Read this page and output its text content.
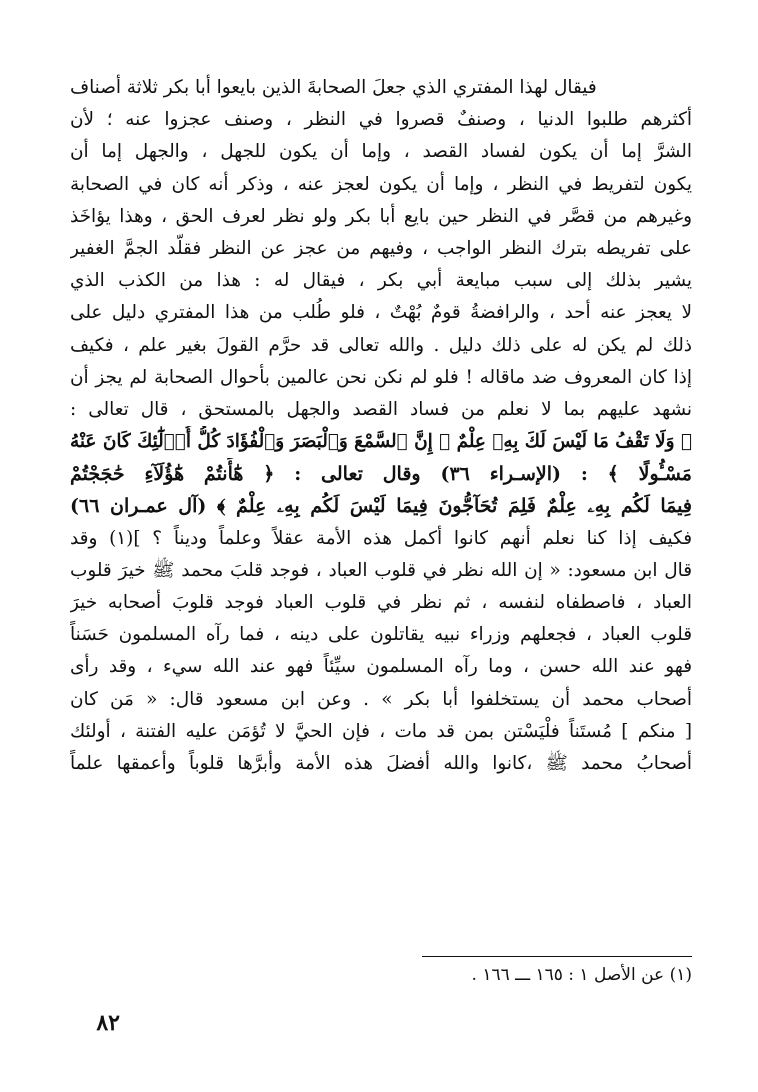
فيقال لهذا المفتري الذي جعلَ الصحابةَ الذين بايعوا أبا بكر ثلاثة أصناف
أكثرهم طلبوا الدنيا ، وصنفٌ قصروا في النظر ، وصنف عجزوا عنه ؛ لأن
الشرَّ إما أن يكون لفساد القصد ، وإما أن يكون للجهل ، والجهل إما أن
يكون لتفريط في النظر ، وإما أن يكون لعجز عنه ، وذكر أنه كان في الصحابة
وغيرهم من قصَّر في النظر حين بايع أبا بكر ولو نظر لعرف الحق ، وهذا يؤاخَذ
على تفريطه بترك النظر الواجب ، وفيهم من عجز عن النظر فقلّد الجمَّ الغفير
يشير بذلك إلى سبب مبايعة أبي بكر ، فيقال له : هذا من الكذب الذي
لا يعجز عنه أحد ، والرافضةُ قومٌ بُهْتٌ ، فلو طُلب من هذا المفتري دليل على
ذلك لم يكن له على ذلك دليل . والله تعالى قد حرَّم القولَ بغير علم ، فكيف
إذا كان المعروف ضد ماقاله ! فلو لم نكن نحن عالمين بأحوال الصحابة لم يجز أن
نشهد عليهم بما لا نعلم من فساد القصد والجهل بالمستحق ، قال تعالى :
﴿ وَلَا تَقْفُ مَا لَيْسَ لَكَ بِهِۦ عِلْمٌ ۚ إِنَّ ٱلسَّمْعَ وَٱلْبَصَرَ وَٱلْفُؤَادَ كُلُّ أُو۟لَٰٓئِكَ كَانَ عَنْهُ
مَسْـُٔولًا ﴾ : (الإسـراء ٣٦) وقال تعالى : ﴿ هَٰٓأَنتُمْ هَٰٓؤُلَآءِ حَٰجَجْتُمْ
فِيمَا لَكُم بِهِۦ عِلْمٌ فَلِمَ تُحَآجُّونَ فِيمَا لَيْسَ لَكُم بِهِۦ عِلْمٌ ﴾ (آل عمـران ٦٦)
فكيف إذا كنا نعلم أنهم كانوا أكمل هذه الأمة عقلاً وعلماً وديناً ؟ ](١) وقد
قال ابن مسعود: « إن الله نظر في قلوب العباد ، فوجد قلبَ محمد ﷺ خيرَ قلوب
العباد ، فاصطفاه لنفسه ، ثم نظر في قلوب العباد فوجد قلوبَ أصحابه خيرَ
قلوب العباد ، فجعلهم وزراء نبيه يقاتلون على دينه ، فما رآه المسلمون حَسَناً
فهو عند الله حسن ، وما رآه المسلمون سيِّئاً فهو عند الله سيء ، وقد رأى
أصحاب محمد أن يستخلفوا أبا بكر » . وعن ابن مسعود قال: « مَن كان
[ منكم ] مُستَناً فلْيَسْتن بمن قد مات ، فإن الحيَّ لا تُؤمَن عليه الفتنة ، أولئك
أصحابُ محمد ﷺ ،كانوا والله أفضلَ هذه الأمة وأبرَّها قلوباً وأعمقها علماً
(١) عن الأصل ١ : ١٦٥ ـــ ١٦٦ .
٨٢
